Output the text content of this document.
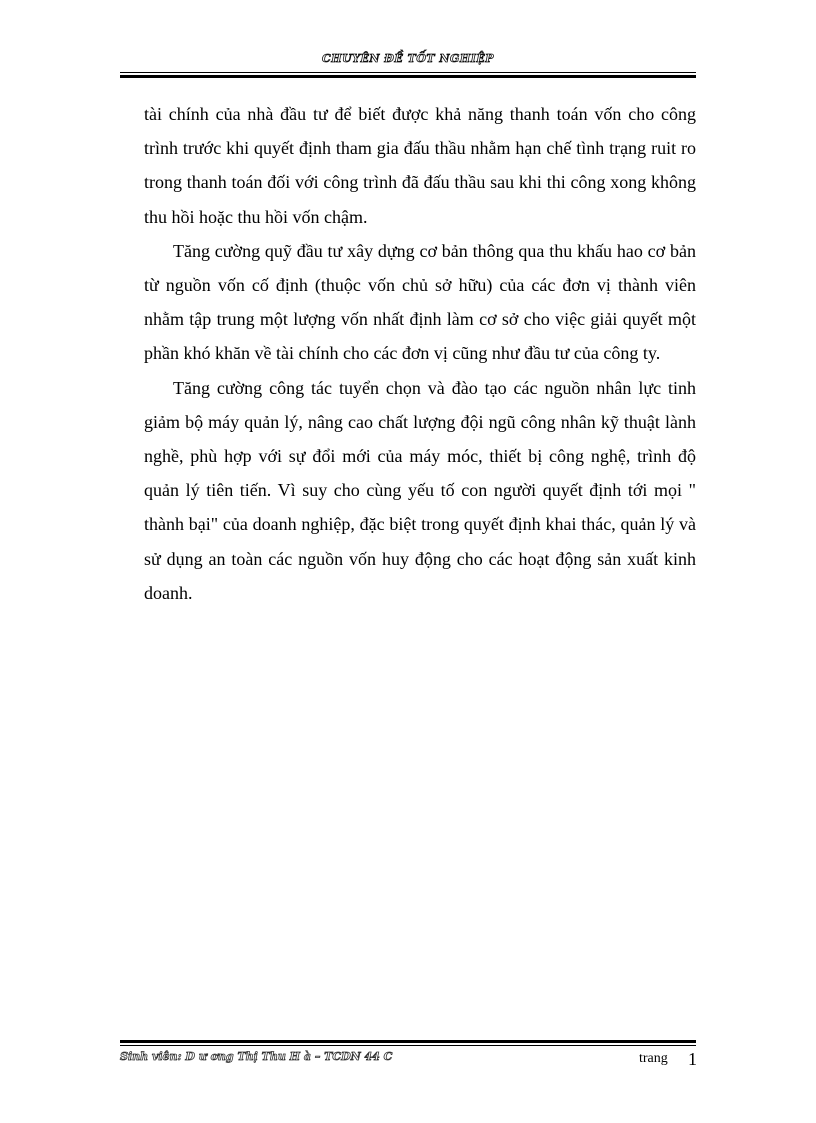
CHUYÊN ĐỀ TỐT NGHIỆP

tài chính của nhà đầu tư để biết được khả năng thanh toán vốn cho công trình trước khi quyết định tham gia đấu thầu nhằm hạn chế tình trạng ruit ro trong thanh toán đối với công trình đã đấu thầu sau khi thi công xong không thu hồi hoặc thu hồi vốn chậm.

Tăng cường quỹ đầu tư xây dựng cơ bản thông qua thu khấu hao cơ bản từ nguồn vốn cố định (thuộc vốn chủ sở hữu) của các đơn vị thành viên nhằm tập trung một lượng vốn nhất định làm cơ sở cho việc giải quyết một phần khó khăn về tài chính cho các đơn vị cũng như đầu tư của công ty.

Tăng cường công tác tuyển chọn và đào tạo các nguồn nhân lực tinh giảm bộ máy quản lý, nâng cao chất lượng đội ngũ công nhân kỹ thuật lành nghề, phù hợp với sự đổi mới của máy móc, thiết bị công nghệ, trình độ quản lý tiên tiến. Vì suy cho cùng yếu tố con người quyết định tới mọi " thành bại" của doanh nghiệp, đặc biệt trong quyết định khai thác, quản lý và sử dụng an toàn các nguồn vốn huy động cho các hoạt động sản xuất kinh doanh.

Sinh viên: D ư ơng Thị Thu H à – TCDN 44 C	trang 1
